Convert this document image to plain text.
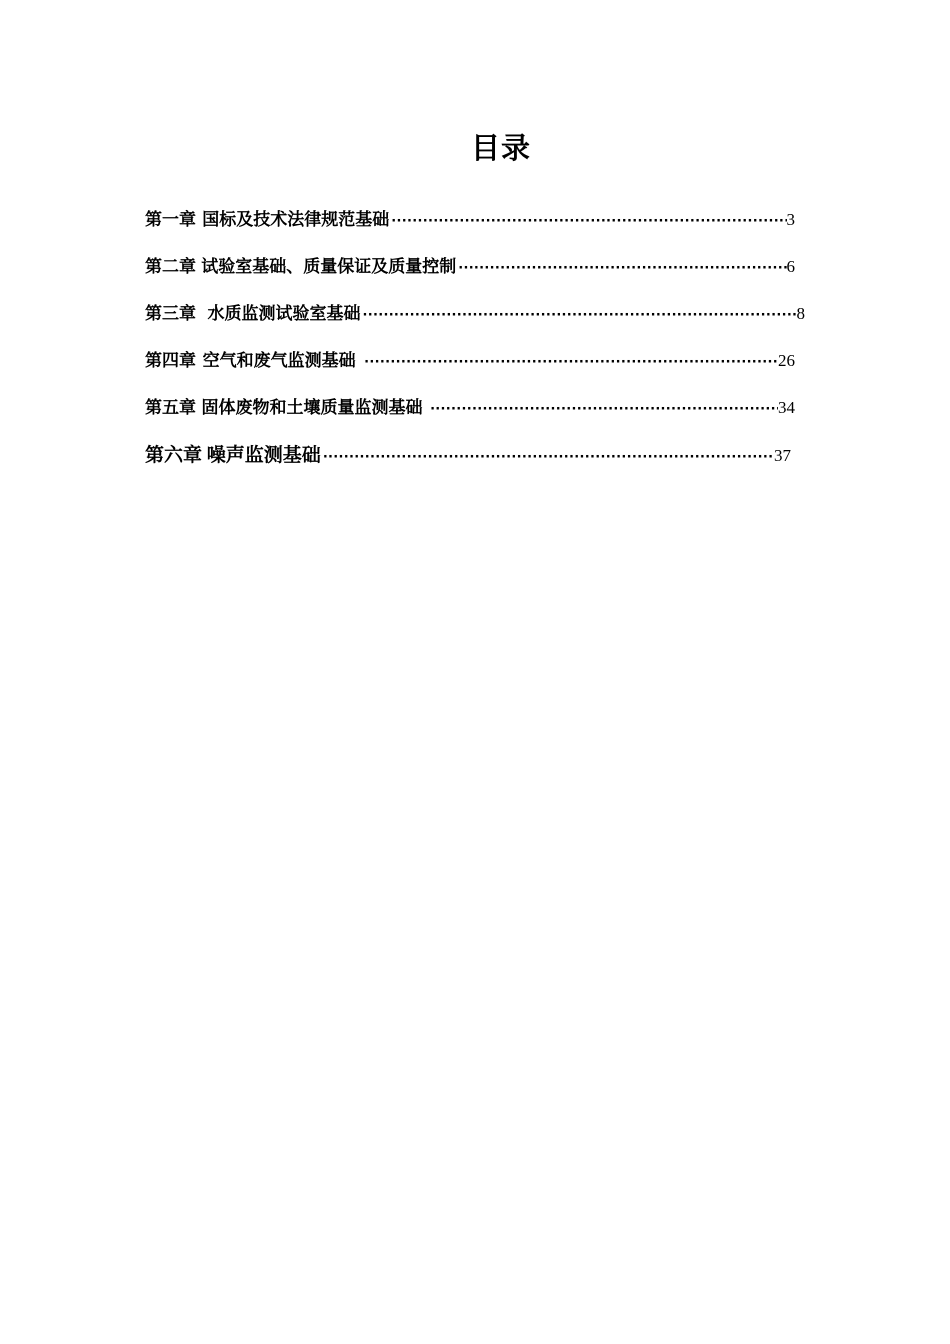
目录
第一章 国标及技术法律规范基础 ·····	3
第二章 试验室基础、质量保证及质量控制 ·····	6
第三章 水质监测试验室基础 ·····	8
第四章 空气和废气监测基础 ·····	26
第五章 固体废物和土壤质量监测基础 ·····	34
第六章 噪声监测基础 ·····	37
